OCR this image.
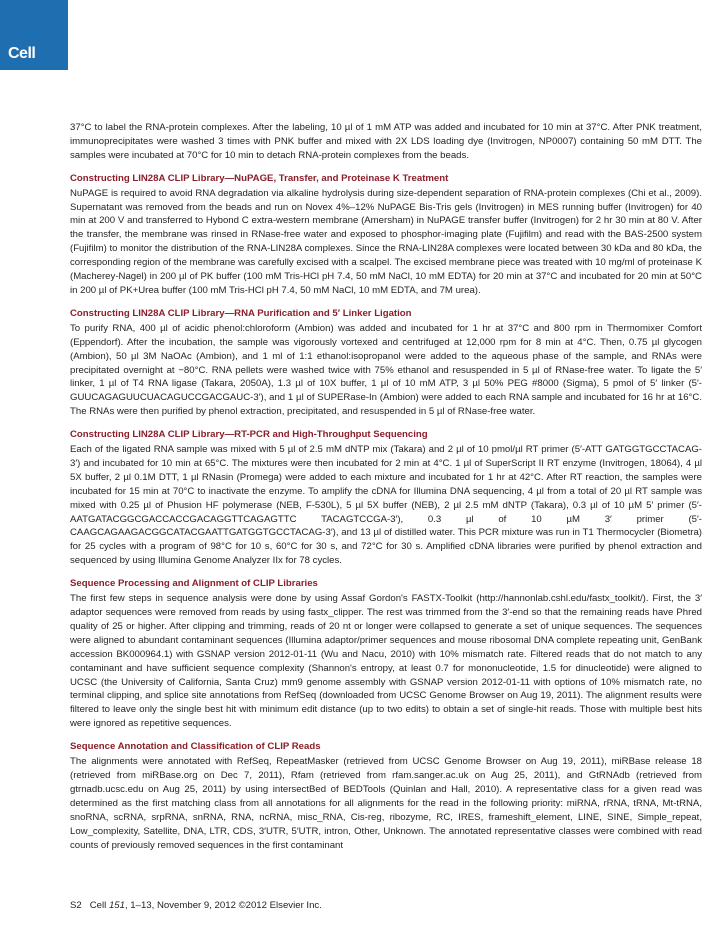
Cell

37°C to label the RNA-protein complexes. After the labeling, 10 µl of 1 mM ATP was added and incubated for 10 min at 37°C. After PNK treatment, immunoprecipitates were washed 3 times with PNK buffer and mixed with 2X LDS loading dye (Invitrogen, NP0007) containing 50 mM DTT. The samples were incubated at 70°C for 10 min to detach RNA-protein complexes from the beads.

Constructing LIN28A CLIP Library—NuPAGE, Transfer, and Proteinase K Treatment

NuPAGE is required to avoid RNA degradation via alkaline hydrolysis during size-dependent separation of RNA-protein complexes (Chi et al., 2009). Supernatant was removed from the beads and run on Novex 4%–12% NuPAGE Bis-Tris gels (Invitrogen) in MES running buffer (Invitrogen) for 40 min at 200 V and transferred to Hybond C extra-western membrane (Amersham) in NuPAGE transfer buffer (Invitrogen) for 2 hr 30 min at 80 V. After the transfer, the membrane was rinsed in RNase-free water and exposed to phosphor-imaging plate (Fujifilm) and read with the BAS-2500 system (Fujifilm) to monitor the distribution of the RNA-LIN28A complexes. Since the RNA-LIN28A complexes were located between 30 kDa and 80 kDa, the corresponding region of the membrane was carefully excised with a scalpel. The excised membrane piece was treated with 10 mg/ml of proteinase K (Macherey-Nagel) in 200 µl of PK buffer (100 mM Tris-HCl pH 7.4, 50 mM NaCl, 10 mM EDTA) for 20 min at 37°C and incubated for 20 min at 50°C in 200 µl of PK+Urea buffer (100 mM Tris-HCl pH 7.4, 50 mM NaCl, 10 mM EDTA, and 7M urea).

Constructing LIN28A CLIP Library—RNA Purification and 5′ Linker Ligation

To purify RNA, 400 µl of acidic phenol:chloroform (Ambion) was added and incubated for 1 hr at 37°C and 800 rpm in Thermomixer Comfort (Eppendorf). After the incubation, the sample was vigorously vortexed and centrifuged at 12,000 rpm for 8 min at 4°C. Then, 0.75 µl glycogen (Ambion), 50 µl 3M NaOAc (Ambion), and 1 ml of 1:1 ethanol:isopropanol were added to the aqueous phase of the sample, and RNAs were precipitated overnight at −80°C. RNA pellets were washed twice with 75% ethanol and resuspended in 5 µl of RNase-free water. To ligate the 5′ linker, 1 µl of T4 RNA ligase (Takara, 2050A), 1.3 µl of 10X buffer, 1 µl of 10 mM ATP, 3 µl 50% PEG #8000 (Sigma), 5 pmol of 5′ linker (5′-GUUCAGAGUUCUACAGUCCGACGAUC-3′), and 1 µl of SUPERase-In (Ambion) were added to each RNA sample and incubated for 16 hr at 16°C. The RNAs were then purified by phenol extraction, precipitated, and resuspended in 5 µl of RNase-free water.

Constructing LIN28A CLIP Library—RT-PCR and High-Throughput Sequencing

Each of the ligated RNA sample was mixed with 5 µl of 2.5 mM dNTP mix (Takara) and 2 µl of 10 pmol/µl RT primer (5′-ATT GATGGTGCCTACAG-3′) and incubated for 10 min at 65°C. The mixtures were then incubated for 2 min at 4°C. 1 µl of SuperScript II RT enzyme (Invitrogen, 18064), 4 µl 5X buffer, 2 µl 0.1M DTT, 1 µl RNasin (Promega) were added to each mixture and incubated for 1 hr at 42°C. After RT reaction, the samples were incubated for 15 min at 70°C to inactivate the enzyme. To amplify the cDNA for Illumina DNA sequencing, 4 µl from a total of 20 µl RT sample was mixed with 0.25 µl of Phusion HF polymerase (NEB, F-530L), 5 µl 5X buffer (NEB), 2 µl 2.5 mM dNTP (Takara), 0.3 µl of 10 µM 5′ primer (5′-AATGATACGGCGACCACCGACAGGTTCAGAGTTC TACAGTCCGA-3′), 0.3 µl of 10 µM 3′ primer (5′-CAAGCAGAAGACGGCATACGAATTGATGGTGCCTACAG-3′), and 13 µl of distilled water. This PCR mixture was run in T1 Thermocycler (Biometra) for 25 cycles with a program of 98°C for 10 s, 60°C for 30 s, and 72°C for 30 s. Amplified cDNA libraries were purified by phenol extraction and sequenced by using Illumina Genome Analyzer IIx for 78 cycles.

Sequence Processing and Alignment of CLIP Libraries

The first few steps in sequence analysis were done by using Assaf Gordon's FASTX-Toolkit (http://hannonlab.cshl.edu/fastx_toolkit/). First, the 3′ adaptor sequences were removed from reads by using fastx_clipper. The rest was trimmed from the 3′-end so that the remaining reads have Phred quality of 25 or higher. After clipping and trimming, reads of 20 nt or longer were collapsed to generate a set of unique sequences. The sequences were aligned to abundant contaminant sequences (Illumina adaptor/primer sequences and mouse ribosomal DNA complete repeating unit, GenBank accession BK000964.1) with GSNAP version 2012-01-11 (Wu and Nacu, 2010) with 10% mismatch rate. Filtered reads that do not match to any contaminant and have sufficient sequence complexity (Shannon's entropy, at least 0.7 for mononucleotide, 1.5 for dinucleotide) were aligned to UCSC (the University of California, Santa Cruz) mm9 genome assembly with GSNAP version 2012-01-11 with options of 10% mismatch rate, no terminal clipping, and splice site annotations from RefSeq (downloaded from UCSC Genome Browser on Aug 19, 2011). The alignment results were filtered to leave only the single best hit with minimum edit distance (up to two edits) to obtain a set of single-hit reads. Those with multiple best hits were ignored as repetitive sequences.

Sequence Annotation and Classification of CLIP Reads

The alignments were annotated with RefSeq, RepeatMasker (retrieved from UCSC Genome Browser on Aug 19, 2011), miRBase release 18 (retrieved from miRBase.org on Dec 7, 2011), Rfam (retrieved from rfam.sanger.ac.uk on Aug 25, 2011), and GtRNAdb (retrieved from gtrnadb.ucsc.edu on Aug 25, 2011) by using intersectBed of BEDTools (Quinlan and Hall, 2010). A representative class for a given read was determined as the first matching class from all annotations for all alignments for the read in the following priority: miRNA, rRNA, tRNA, Mt-tRNA, snoRNA, scRNA, srpRNA, snRNA, RNA, ncRNA, misc_RNA, Cis-reg, ribozyme, RC, IRES, frameshift_element, LINE, SINE, Simple_repeat, Low_complexity, Satellite, DNA, LTR, CDS, 3′UTR, 5′UTR, intron, Other, Unknown. The annotated representative classes were combined with read counts of previously removed sequences in the first contaminant

S2 Cell 151, 1–13, November 9, 2012 ©2012 Elsevier Inc.
